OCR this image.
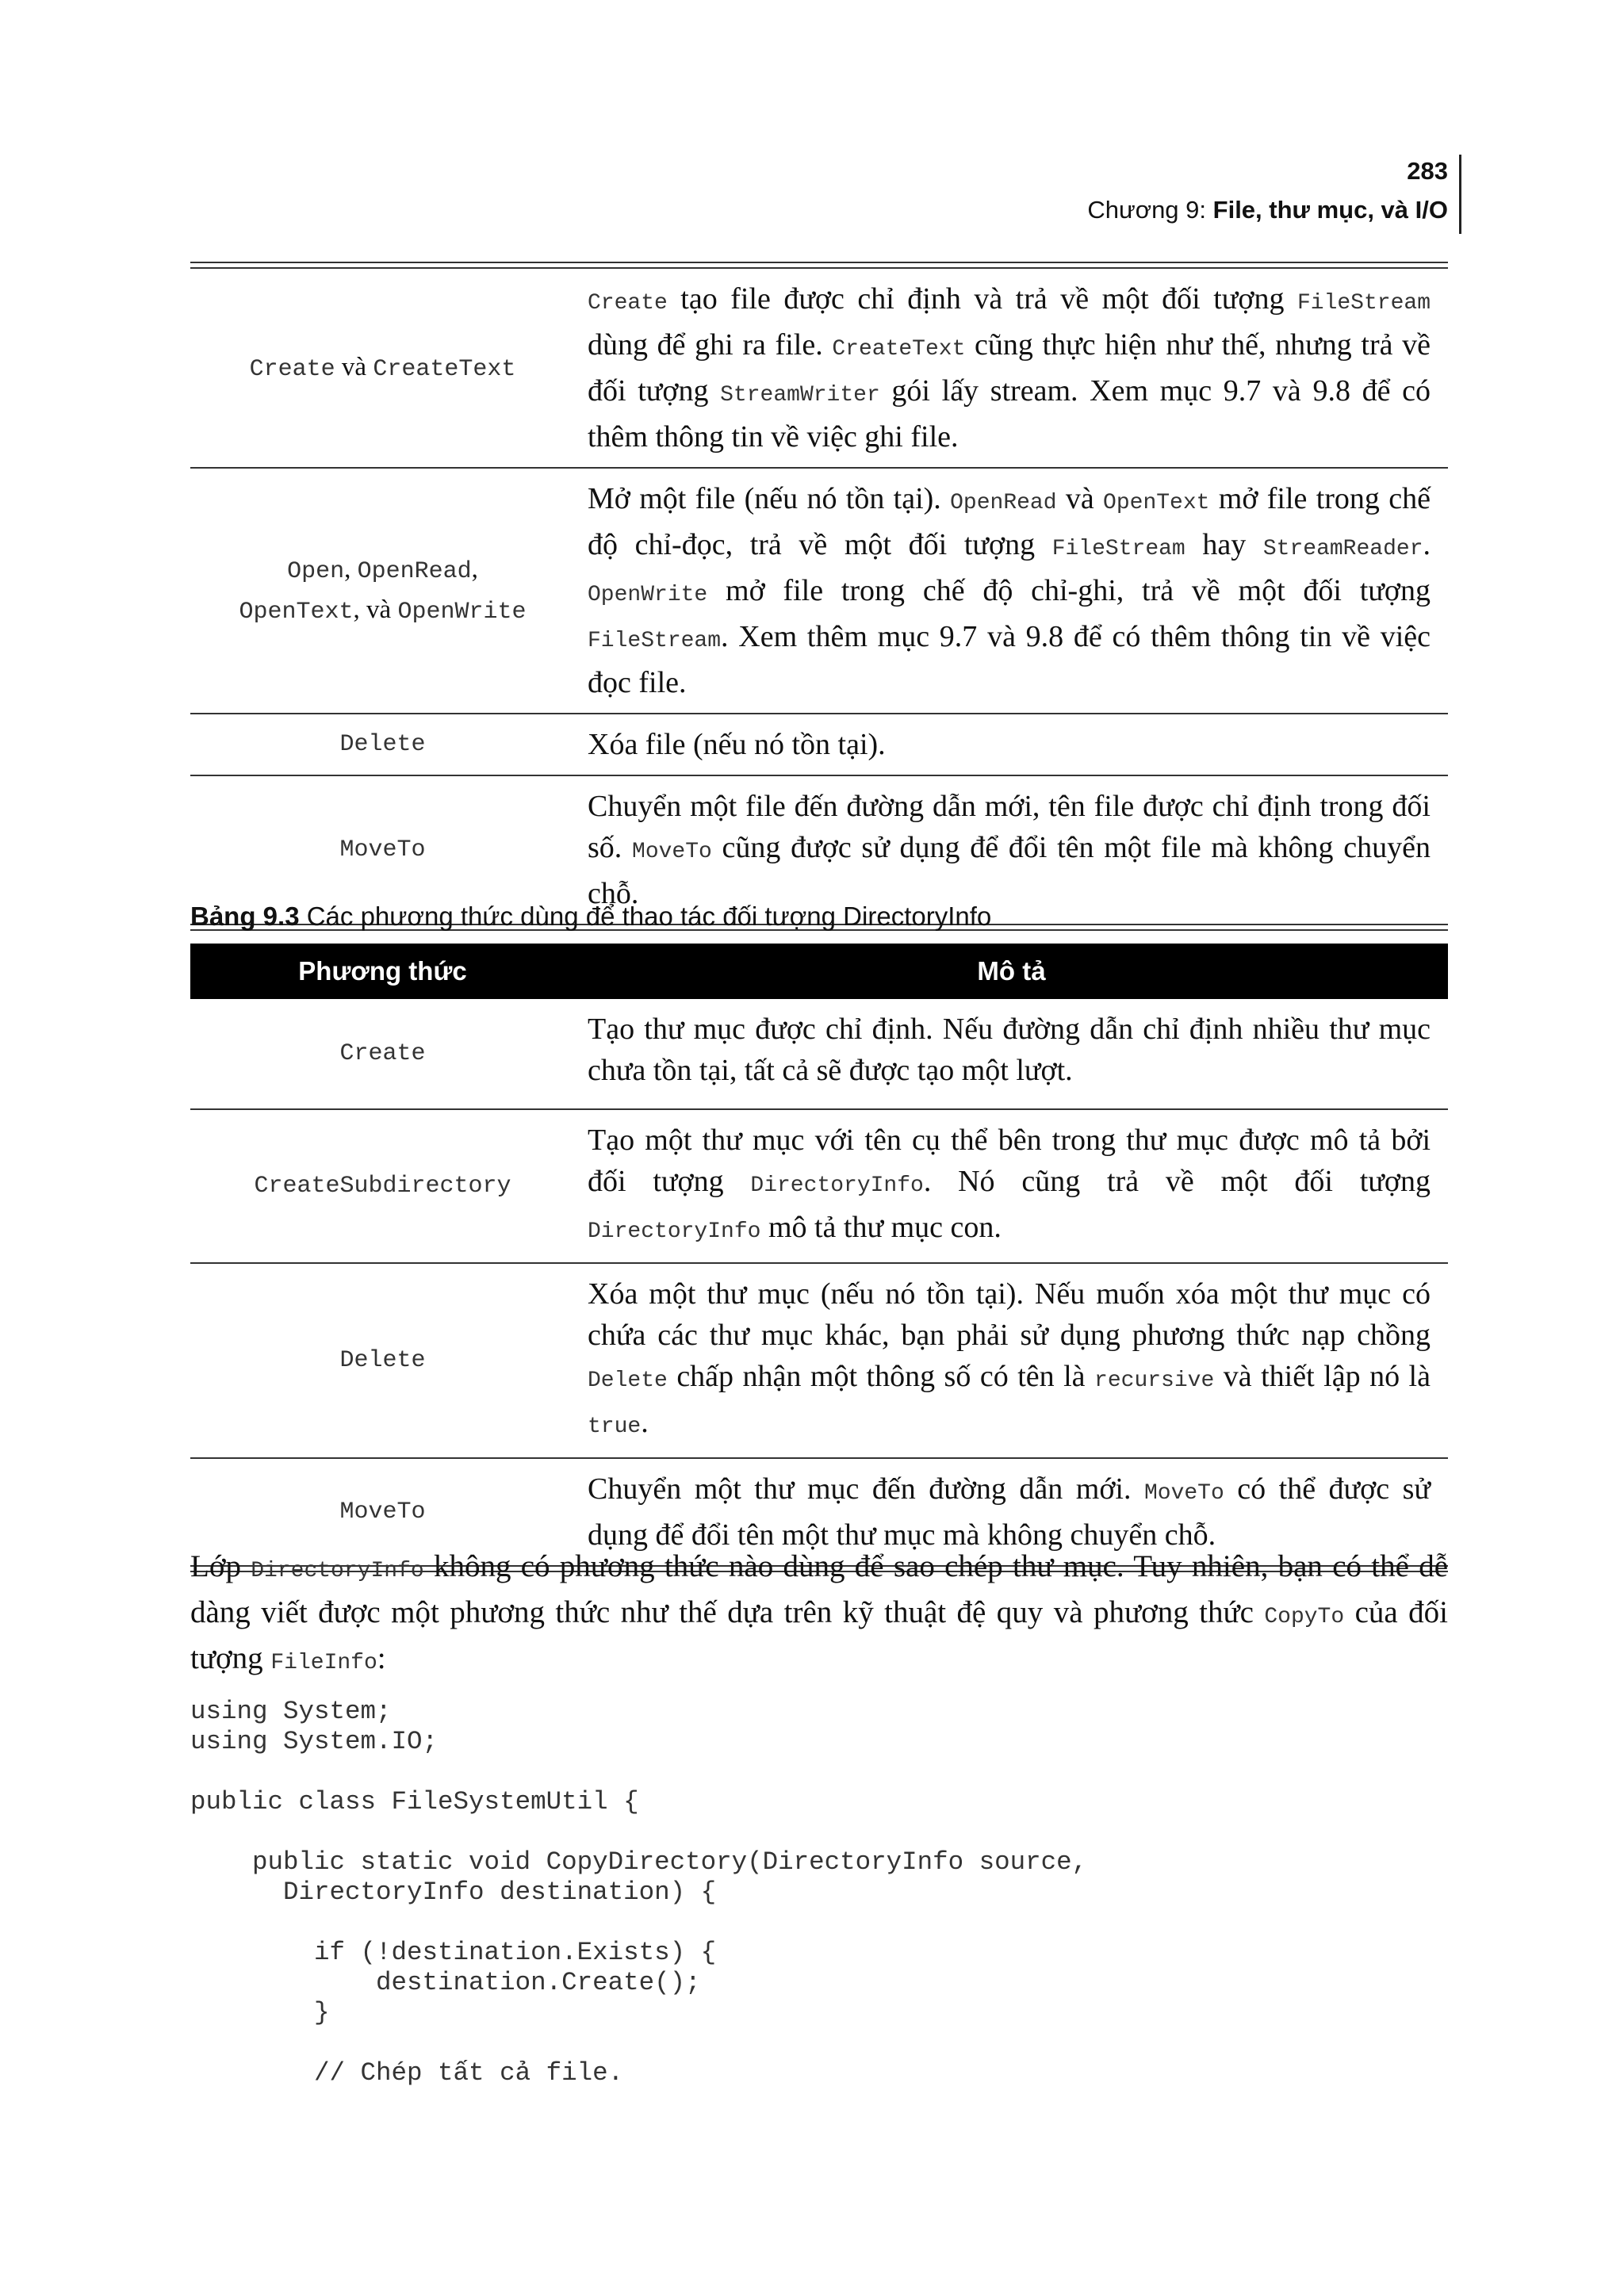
283
Chương 9: File, thư mục, và I/O
Create và CreateText
Create tạo file được chỉ định và trả về một đối tượng FileStream dùng để ghi ra file. CreateText cũng thực hiện như thế, nhưng trả về đối tượng StreamWriter gói lấy stream. Xem mục 9.7 và 9.8 để có thêm thông tin về việc ghi file.
Open, OpenRead,
OpenText, và OpenWrite
Mở một file (nếu nó tồn tại). OpenRead và OpenText mở file trong chế độ chỉ-đọc, trả về một đối tượng FileStream hay StreamReader. OpenWrite mở file trong chế độ chỉ-ghi, trả về một đối tượng FileStream. Xem thêm mục 9.7 và 9.8 để có thêm thông tin về việc đọc file.
Delete	Xóa file (nếu nó tồn tại).
MoveTo
Chuyển một file đến đường dẫn mới, tên file được chỉ định trong đối số. MoveTo cũng được sử dụng để đổi tên một file mà không chuyển chỗ.
Bảng 9.3 Các phương thức dùng để thao tác đối tượng DirectoryInfo
Phương thức	Mô tả
Create
Tạo thư mục được chỉ định. Nếu đường dẫn chỉ định nhiều thư mục chưa tồn tại, tất cả sẽ được tạo một lượt.
CreateSubdirectory
Tạo một thư mục với tên cụ thể bên trong thư mục được mô tả bởi đối tượng DirectoryInfo. Nó cũng trả về một đối tượng DirectoryInfo mô tả thư mục con.
Delete
Xóa một thư mục (nếu nó tồn tại). Nếu muốn xóa một thư mục có chứa các thư mục khác, bạn phải sử dụng phương thức nạp chồng Delete chấp nhận một thông số có tên là recursive và thiết lập nó là true.
MoveTo
Chuyển một thư mục đến đường dẫn mới. MoveTo có thể được sử dụng để đổi tên một thư mục mà không chuyển chỗ.
Lớp DirectoryInfo không có phương thức nào dùng để sao chép thư mục. Tuy nhiên, bạn có thể dễ dàng viết được một phương thức như thế dựa trên kỹ thuật đệ quy và phương thức CopyTo của đối tượng FileInfo:
using System;
using System.IO;

public class FileSystemUtil {

public static void CopyDirectory(DirectoryInfo source,
DirectoryInfo destination) {

if (!destination.Exists) {
destination.Create();
}

// Chép tất cả file.
